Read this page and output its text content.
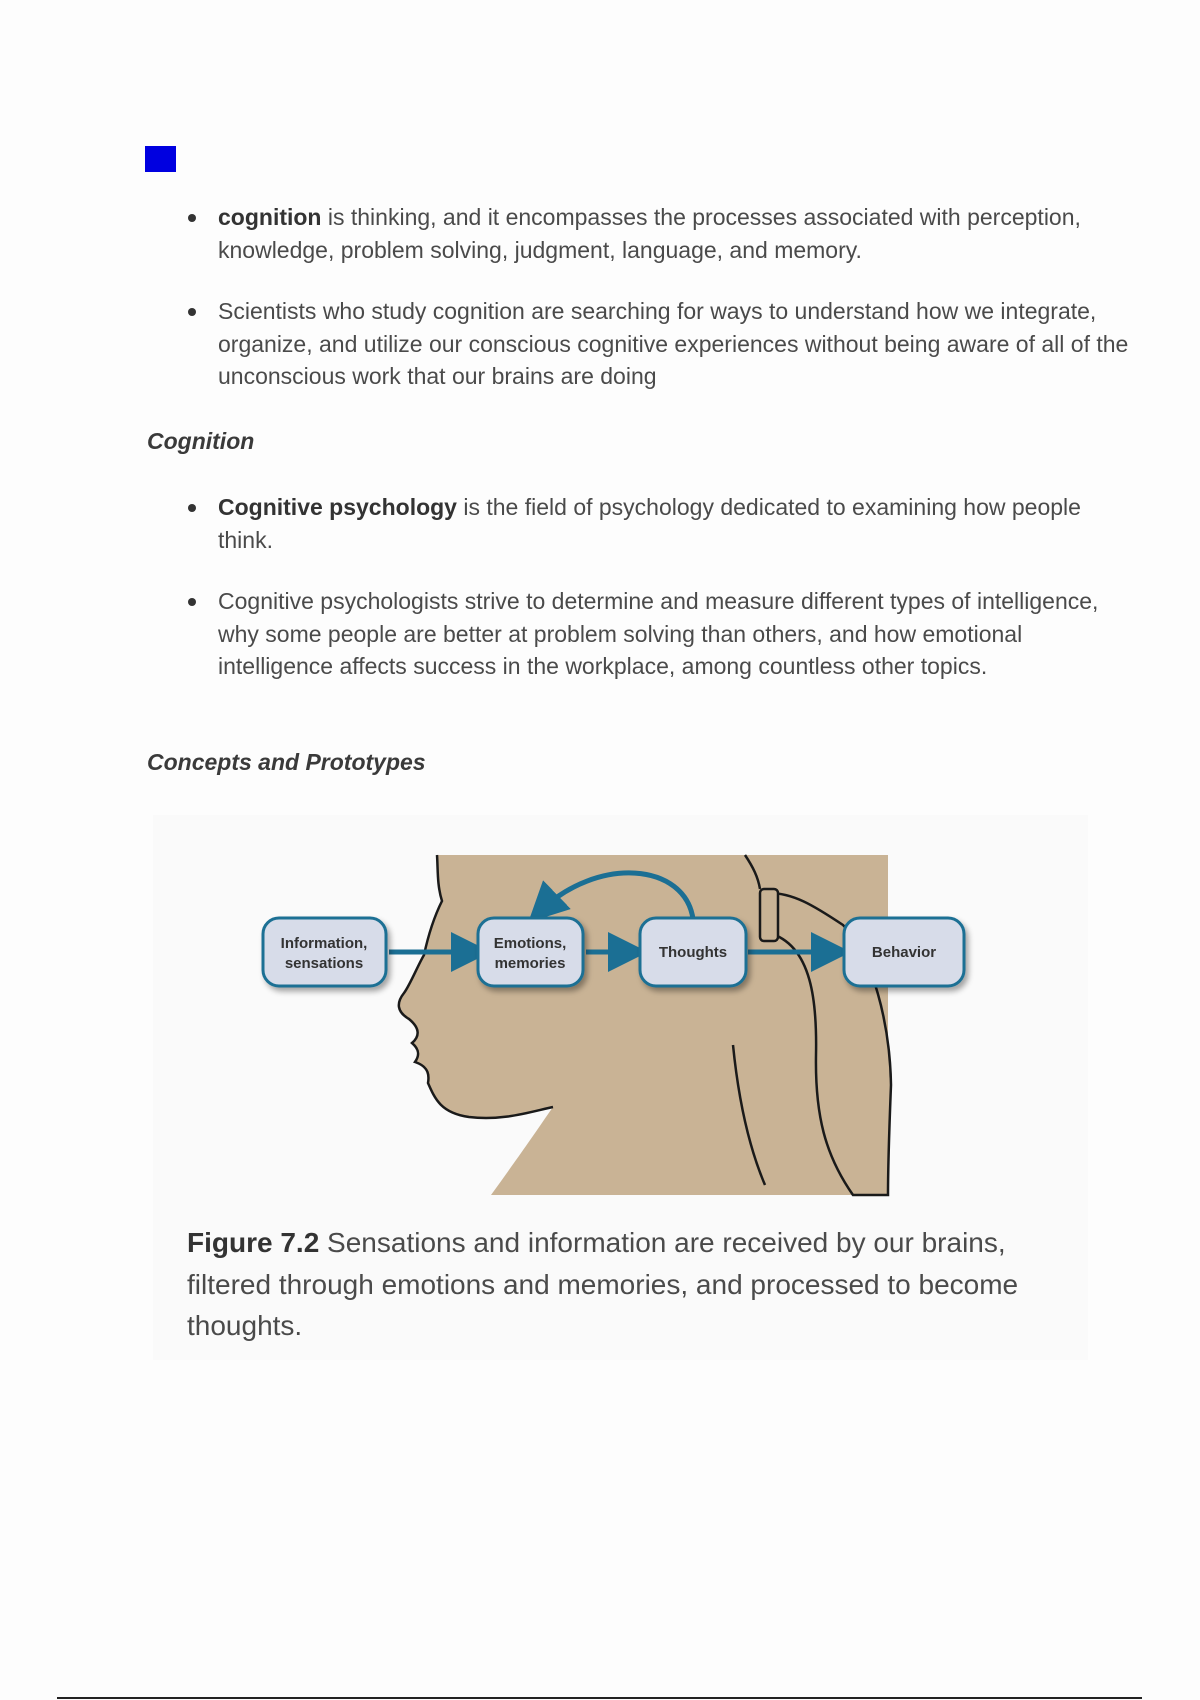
cognition is thinking, and it encompasses the processes associated with perception, knowledge, problem solving, judgment, language, and memory.
Scientists who study cognition are searching for ways to understand how we integrate, organize, and utilize our conscious cognitive experiences without being aware of all of the unconscious work that our brains are doing
Cognition
Cognitive psychology is the field of psychology dedicated to examining how people think.
Cognitive psychologists strive to determine and measure different types of intelligence, why some people are better at problem solving than others, and how emotional intelligence affects success in the workplace, among countless other topics.
Concepts and Prototypes
Information,
sensations
Emotions,
memories
Thoughts	Behavior

Figure 7.2 Sensations and information are received by our brains, filtered through emotions and memories, and processed to become thoughts.
